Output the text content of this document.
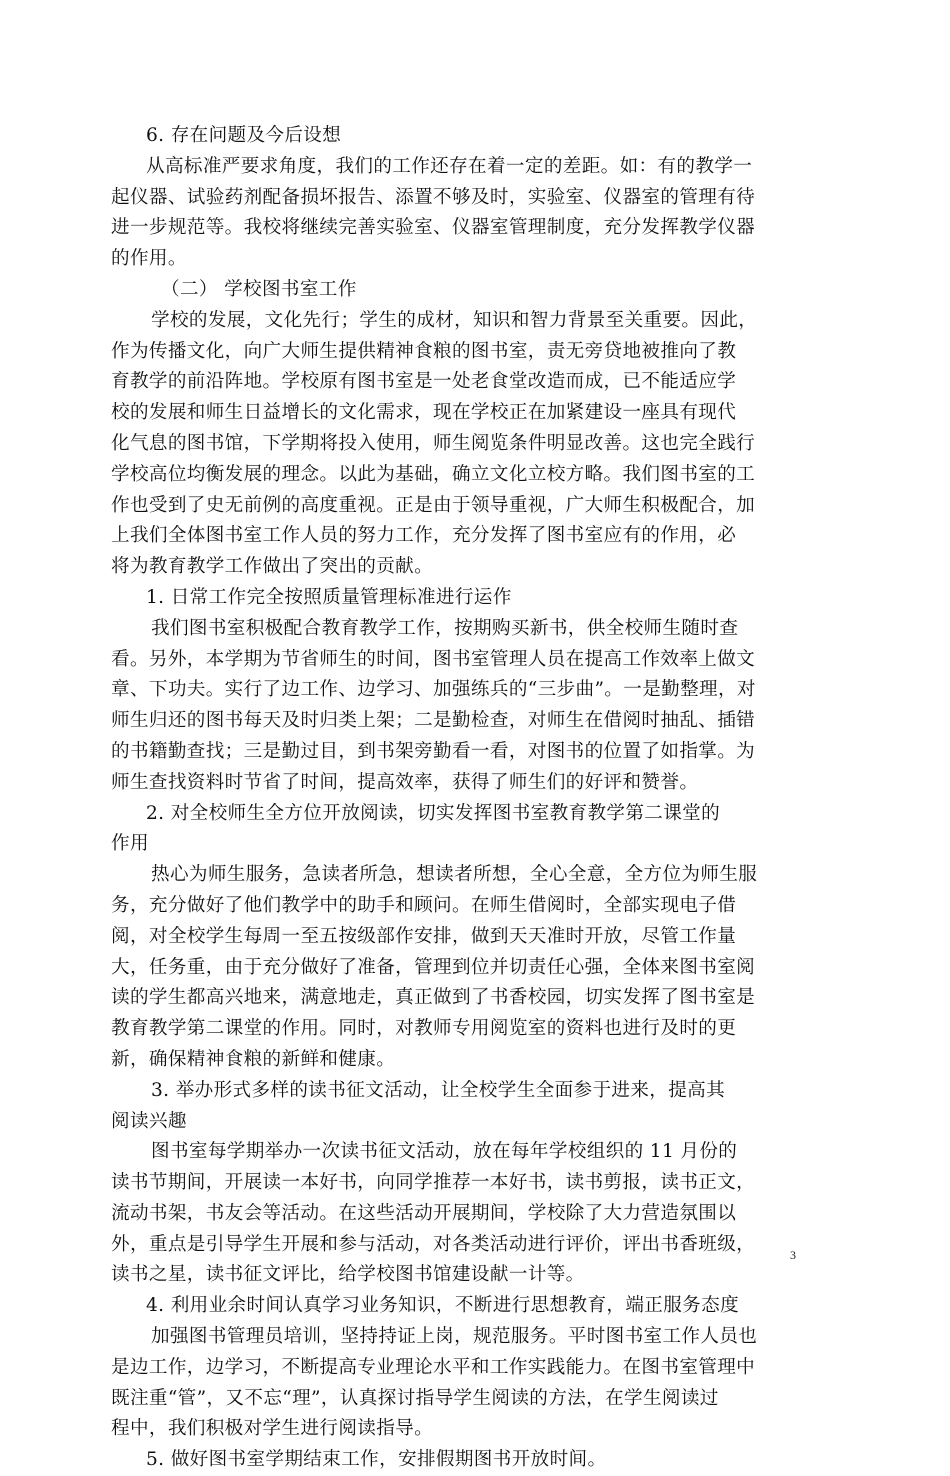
6. 存在问题及今后设想
从高标准严要求角度，我们的工作还存在着一定的差距。如：有的教学一
起仪器、试验药剂配备损坏报告、添置不够及时，实验室、仪器室的管理有待
进一步规范等。我校将继续完善实验室、仪器室管理制度，充分发挥教学仪器
的作用。
（二） 学校图书室工作
学校的发展，文化先行；学生的成材，知识和智力背景至关重要。因此，
作为传播文化，向广大师生提供精神食粮的图书室，责无旁贷地被推向了教
育教学的前沿阵地。学校原有图书室是一处老食堂改造而成，已不能适应学
校的发展和师生日益增长的文化需求，现在学校正在加紧建设一座具有现代
化气息的图书馆，下学期将投入使用，师生阅览条件明显改善。这也完全践行
学校高位均衡发展的理念。以此为基础，确立文化立校方略。我们图书室的工
作也受到了史无前例的高度重视。正是由于领导重视，广大师生积极配合，加
上我们全体图书室工作人员的努力工作，充分发挥了图书室应有的作用，必
将为教育教学工作做出了突出的贡献。
1. 日常工作完全按照质量管理标准进行运作
我们图书室积极配合教育教学工作，按期购买新书，供全校师生随时查
看。另外，本学期为节省师生的时间，图书室管理人员在提高工作效率上做文
章、下功夫。实行了边工作、边学习、加强练兵的“三步曲”。一是勤整理，对
师生归还的图书每天及时归类上架；二是勤检查，对师生在借阅时抽乱、插错
的书籍勤查找；三是勤过目，到书架旁勤看一看，对图书的位置了如指掌。为
师生查找资料时节省了时间，提高效率，获得了师生们的好评和赞誉。
2. 对全校师生全方位开放阅读，切实发挥图书室教育教学第二课堂的
作用
热心为师生服务，急读者所急，想读者所想，全心全意，全方位为师生服
务，充分做好了他们教学中的助手和顾问。在师生借阅时，全部实现电子借
阅，对全校学生每周一至五按级部作安排，做到天天准时开放，尽管工作量
大，任务重，由于充分做好了准备，管理到位并切责任心强，全体来图书室阅
读的学生都高兴地来，满意地走，真正做到了书香校园，切实发挥了图书室是
教育教学第二课堂的作用。同时，对教师专用阅览室的资料也进行及时的更
新，确保精神食粮的新鲜和健康。
3. 举办形式多样的读书征文活动，让全校学生全面参于进来，提高其
阅读兴趣
图书室每学期举办一次读书征文活动，放在每年学校组织的 11 月份的
读书节期间，开展读一本好书，向同学推荐一本好书，读书剪报，读书正文，
流动书架，书友会等活动。在这些活动开展期间，学校除了大力营造氛围以
外，重点是引导学生开展和参与活动，对各类活动进行评价，评出书香班级，
读书之星，读书征文评比，给学校图书馆建设献一计等。
4. 利用业余时间认真学习业务知识，不断进行思想教育，端正服务态度
加强图书管理员培训，坚持持证上岗，规范服务。平时图书室工作人员也
是边工作，边学习，不断提高专业理论水平和工作实践能力。在图书室管理中
既注重“管”，又不忘“理”，认真探讨指导学生阅读的方法，在学生阅读过
程中，我们积极对学生进行阅读指导。
5. 做好图书室学期结束工作，安排假期图书开放时间。
3
